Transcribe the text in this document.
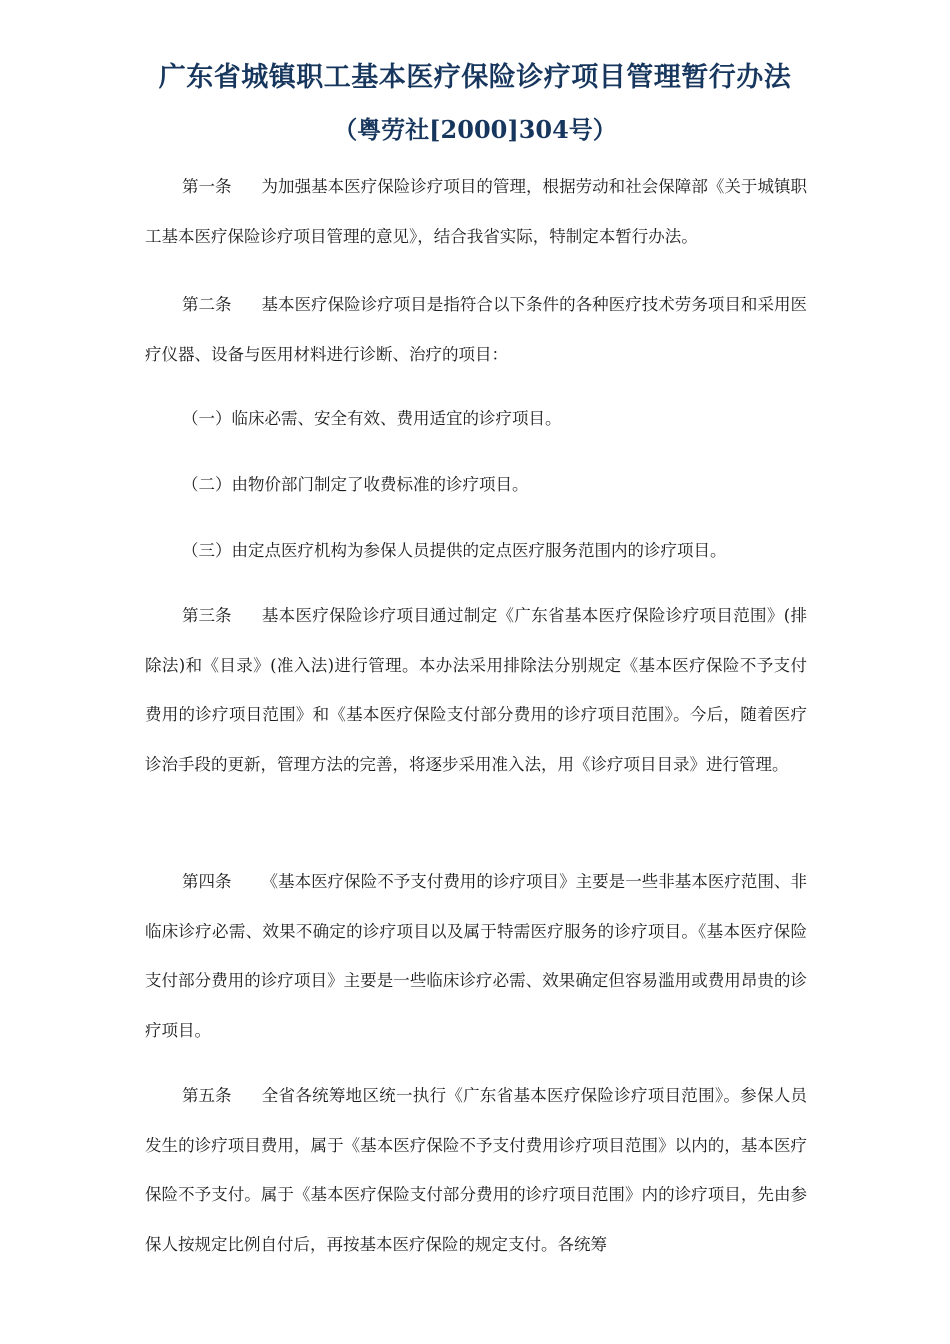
广东省城镇职工基本医疗保险诊疗项目管理暂行办法
（粤劳社[2000]304号）

第一条 为加强基本医疗保险诊疗项目的管理，根据劳动和社会保障部《关于城镇职工基本医疗保险诊疗项目管理的意见》，结合我省实际，特制定本暂行办法。

第二条 基本医疗保险诊疗项目是指符合以下条件的各种医疗技术劳务项目和采用医疗仪器、设备与医用材料进行诊断、治疗的项目：

（一）临床必需、安全有效、费用适宜的诊疗项目。

（二）由物价部门制定了收费标准的诊疗项目。

（三）由定点医疗机构为参保人员提供的定点医疗服务范围内的诊疗项目。

第三条 基本医疗保险诊疗项目通过制定《广东省基本医疗保险诊疗项目范围》(排除法)和《目录》(准入法)进行管理。本办法采用排除法分别规定《基本医疗保险不予支付费用的诊疗项目范围》和《基本医疗保险支付部分费用的诊疗项目范围》。今后，随着医疗诊治手段的更新，管理方法的完善，将逐步采用准入法，用《诊疗项目目录》进行管理。

第四条 《基本医疗保险不予支付费用的诊疗项目》主要是一些非基本医疗范围、非临床诊疗必需、效果不确定的诊疗项目以及属于特需医疗服务的诊疗项目。《基本医疗保险支付部分费用的诊疗项目》主要是一些临床诊疗必需、效果确定但容易滥用或费用昂贵的诊疗项目。

第五条 全省各统筹地区统一执行《广东省基本医疗保险诊疗项目范围》。参保人员发生的诊疗项目费用，属于《基本医疗保险不予支付费用诊疗项目范围》以内的，基本医疗保险不予支付。属于《基本医疗保险支付部分费用的诊疗项目范围》内的诊疗项目，先由参保人按规定比例自付后，再按基本医疗保险的规定支付。各统筹
